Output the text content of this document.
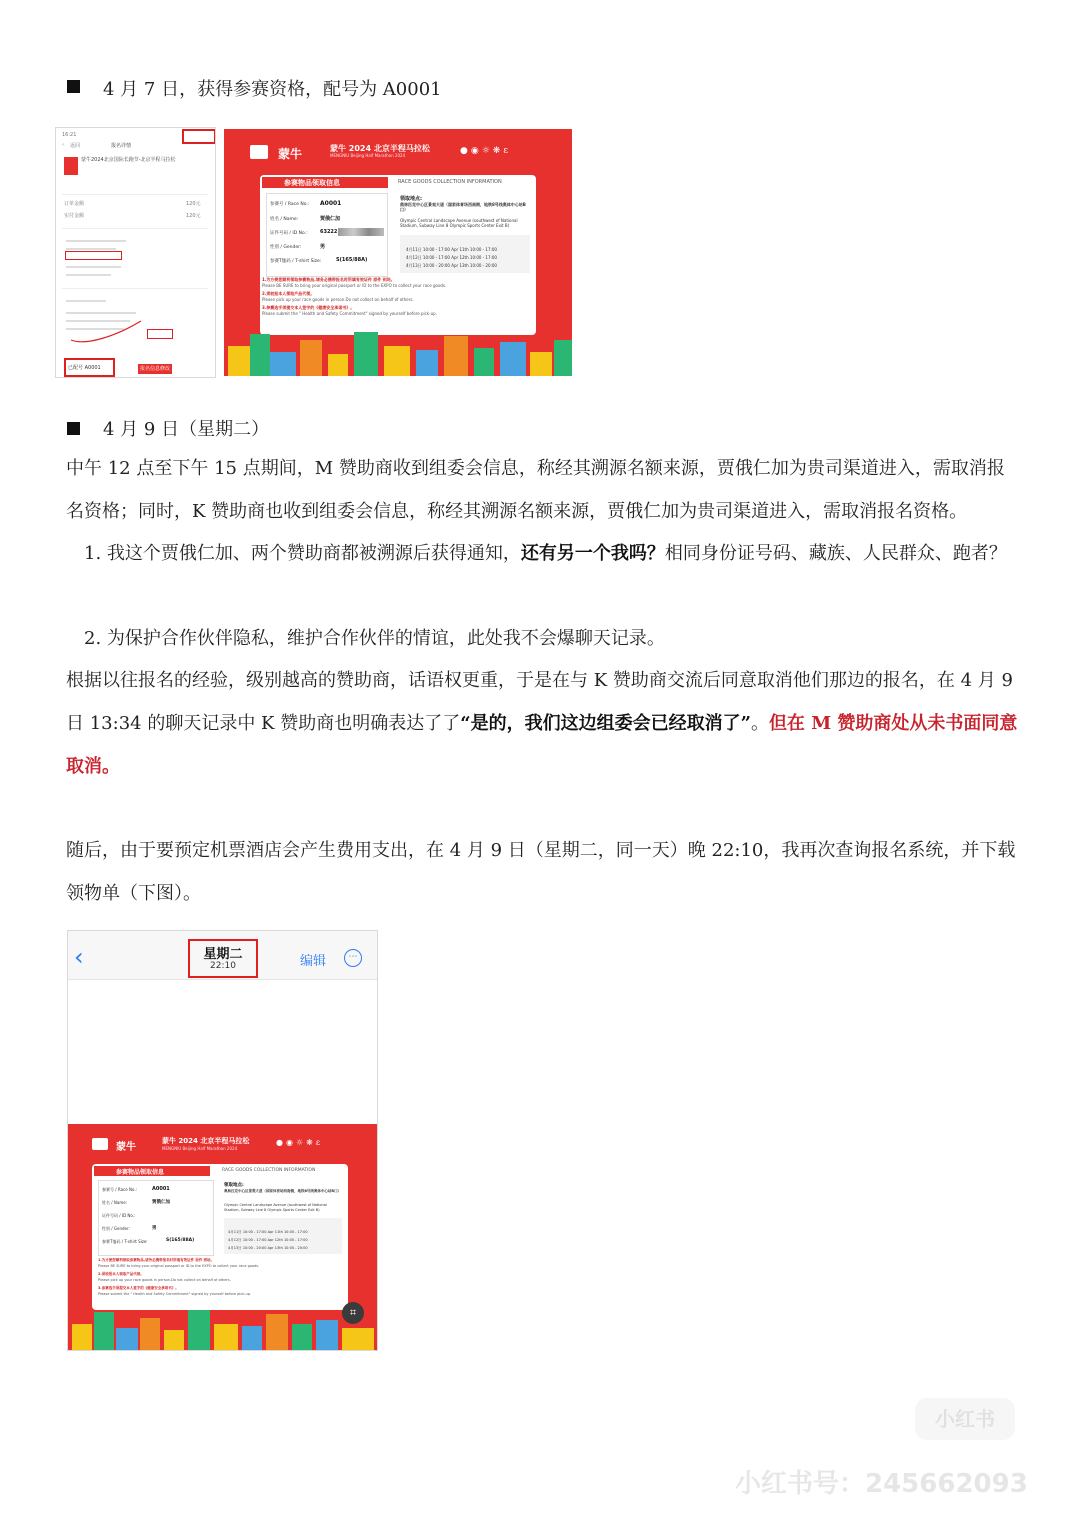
4 月 7 日，获得参赛资格，配号为 A0001
16:21
‹ 返回	报名详情
蒙牛2024北京国际长跑节-北京半程马拉松
订单金额	120元
实付金额	120元
已配号 A0001	报名信息修改
蒙牛	蒙牛 2024 北京半程马拉松
MENGNIU Beijing Half Marathon 2024	●◉☼❋ɛ
参赛物品领取信息	RACE GOODS COLLECTION INFORMATION
参赛号 / Race No.: A0001
姓名 / Name:	贾俄仁加
证件号码 / ID No.: 63222
性别 / Gender:	男
参赛T恤码 / T-shirt Size:	S(165/88A)
领取地点:
奥林匹克中心区景观大道（国家体育场西南侧，地铁8号线奥体中心站B口）
Olympic Central Landscape Avenue (southwest of National Stadium, Subway Line 8 Olympic Sports Center Exit B)
4月11日 10:00 - 17:00 Apr 11th 10:00 - 17:00
4月12日 10:00 - 17:00 Apr 12th 10:00 - 17:00
4月13日 10:00 - 20:00 Apr 13th 10:00 - 20:00
1.为方便您顺利领取参赛物品,请务必携带报名时所填有效证件 原件 到场。
Please BE SURE to bring your original passport or ID to the EXPO to collect your race goods.
2.须较报本人领取产品代领。
Please pick up your race goods in person.Do not collect on behalf of others.
3.参赛选手须提交本人签字的《健康安全承诺书》。
Please submit the " Health and Safety Commitment" signed by yourself before pick-up.
4 月 9 日（星期二）
中午 12 点至下午 15 点期间，M 赞助商收到组委会信息，称经其溯源名额来源，贾俄仁加为贵司渠道进入，需取消报名资格；同时，K 赞助商也收到组委会信息，称经其溯源名额来源，贾俄仁加为贵司渠道进入，需取消报名资格。
1. 我这个贾俄仁加、两个赞助商都被溯源后获得通知，还有另一个我吗？相同身份证号码、藏族、人民群众、跑者？
2. 为保护合作伙伴隐私，维护合作伙伴的情谊，此处我不会爆聊天记录。
根据以往报名的经验，级别越高的赞助商，话语权更重，于是在与 K 赞助商交流后同意取消他们那边的报名，在 4 月 9 日 13:34 的聊天记录中 K 赞助商也明确表达了了“是的，我们这边组委会已经取消了”。但在 M 赞助商处从未书面同意取消。
随后，由于要预定机票酒店会产生费用支出，在 4 月 9 日（星期二，同一天）晚 22:10，我再次查询报名系统，并下载领物单（下图）。
‹	星期二
22:10	编辑	⋯
蒙牛
蒙牛 2024 北京半程马拉松
MENGNIU Beijing Half Marathon 2024
●◉☼❋ɛ
参赛物品领取信息	RACE GOODS COLLECTION INFORMATION
参赛号 / Race No.:	A0001
姓名 / Name:	贾俄仁加
证件号码 / ID No.:
性别 / Gender:	男
参赛T恤码 / T-shirt Size:	S(165/88A)
领取地点:
奥林匹克中心区景观大道（国家体育场西南侧，地铁8号线奥体中心站B口）
Olympic Central Landscape Avenue (southwest of National Stadium, Subway Line 8 Olympic Sports Center Exit B)
4月11日 10:00 - 17:00 Apr 11th 10:00 - 17:00
4月12日 10:00 - 17:00 Apr 12th 10:00 - 17:00
4月13日 10:00 - 20:00 Apr 13th 10:00 - 20:00
1.为方便您顺利领取参赛物品,请务必携带报名时所填有效证件 原件 到场。
Please BE SURE to bring your original passport or ID to the EXPO to collect your race goods.
2.须较报本人领取产品代领。
Please pick up your race goods in person.Do not collect on behalf of others.
3.参赛选手须提交本人签字的《健康安全承诺书》。
Please submit the " Health and Safety Commitment" signed by yourself before pick-up.
⌗
小红书
小红书号：245662093
